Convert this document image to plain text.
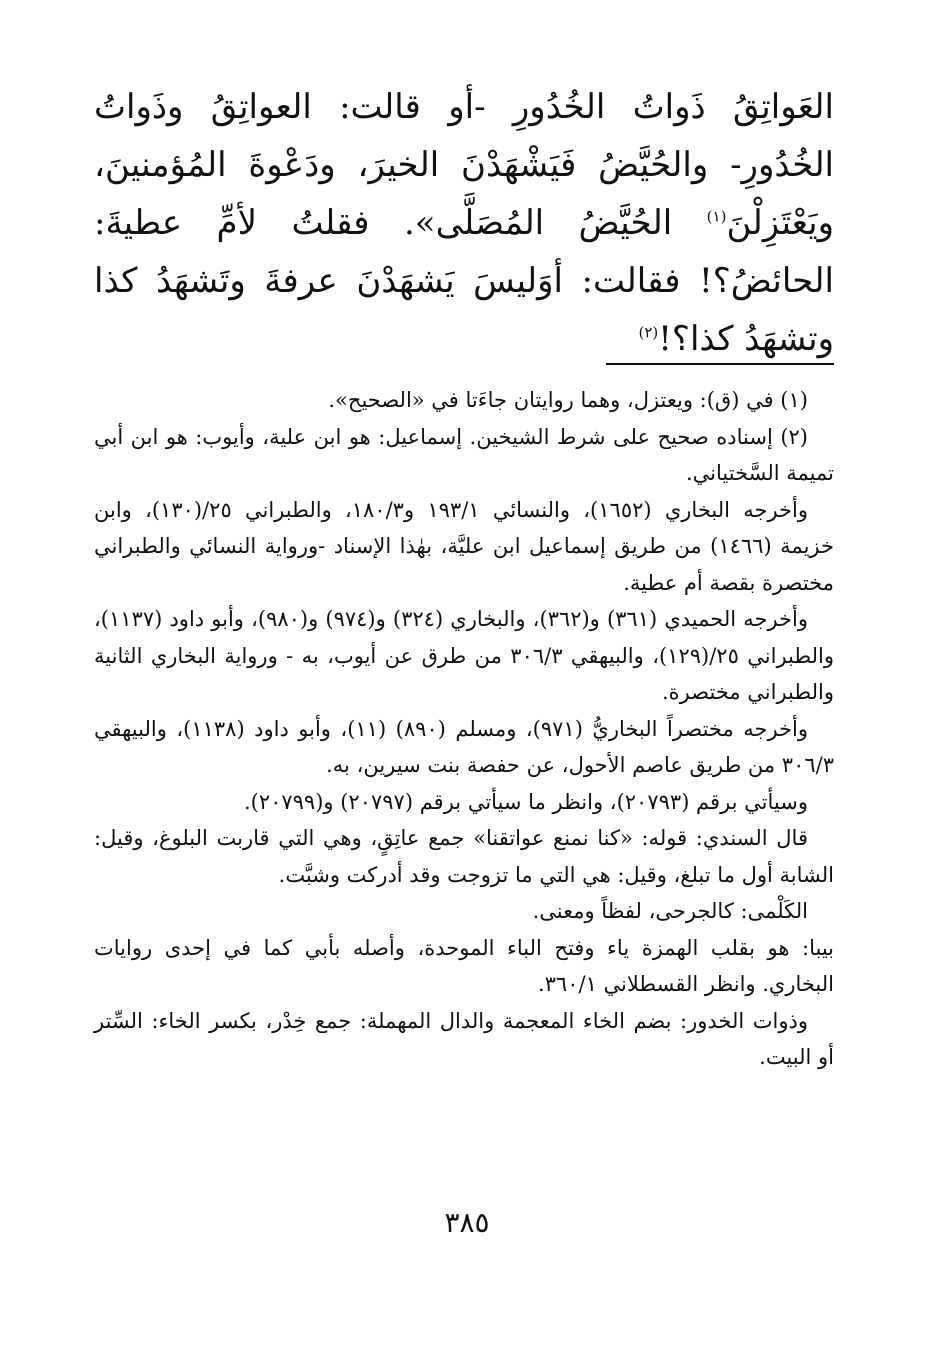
العَواتِقُ ذَواتُ الخُدُورِ -أو قالت: العواتِقُ وذَواتُ الخُدُورِ- والحُيَّضُ فَيَشْهَدْنَ الخيرَ، ودَعْوةَ المُؤمنينَ، ويَعْتَزِلْنَ$^{(١)}$ الحُيَّضُ المُصَلَّى». فقلتُ لأمِّ عطيةَ: الحائضُ؟! فقالت: أوَليسَ يَشهَدْنَ عرفةَ وتَشهَدُ كذا وتشهَدُ كذا؟!$^{(٢)}$

(١) في (ق): ويعتزل، وهما روايتان جاءَتا في «الصحيح».

(٢) إسناده صحيح على شرط الشيخين. إسماعيل: هو ابن علية، وأيوب: هو ابن أبي تميمة السَّختياني.

وأخرجه البخاري (١٦٥٢)، والنسائي ١٩٣/١ و١٨٠/٣، والطبراني ٢٥/(١٣٠)، وابن خزيمة (١٤٦٦) من طريق إسماعيل ابن عليَّة، بهٰذا الإسناد -ورواية النسائي والطبراني مختصرة بقصة أم عطية.

وأخرجه الحميدي (٣٦١) و(٣٦٢)، والبخاري (٣٢٤) و(٩٧٤) و(٩٨٠)، وأبو داود (١١٣٧)، والطبراني ٢٥/(١٢٩)، والبيهقي ٣٠٦/٣ من طرق عن أيوب، به - ورواية البخاري الثانية والطبراني مختصرة.

وأخرجه مختصراً البخاريُّ (٩٧١)، ومسلم (٨٩٠) (١١)، وأبو داود (١١٣٨)، والبيهقي ٣٠٦/٣ من طريق عاصم الأحول، عن حفصة بنت سيرين، به.

وسيأتي برقم (٢٠٧٩٣)، وانظر ما سيأتي برقم (٢٠٧٩٧) و(٢٠٧٩٩).

قال السندي: قوله: «كنا نمنع عواتقنا» جمع عاتِقٍ، وهي التي قاربت البلوغ، وقيل: الشابة أول ما تبلغ، وقيل: هي التي ما تزوجت وقد أدركت وشبَّت.

الكَلْمى: كالجرحى، لفظاً ومعنى.

بيبا: هو بقلب الهمزة ياء وفتح الباء الموحدة، وأصله بأبي كما في إحدى روايات البخاري. وانظر القسطلاني ٣٦٠/١.

وذوات الخدور: بضم الخاء المعجمة والدال المهملة: جمع خِدْر، بكسر الخاء: السِّتر أو البيت.

٣٨٥
